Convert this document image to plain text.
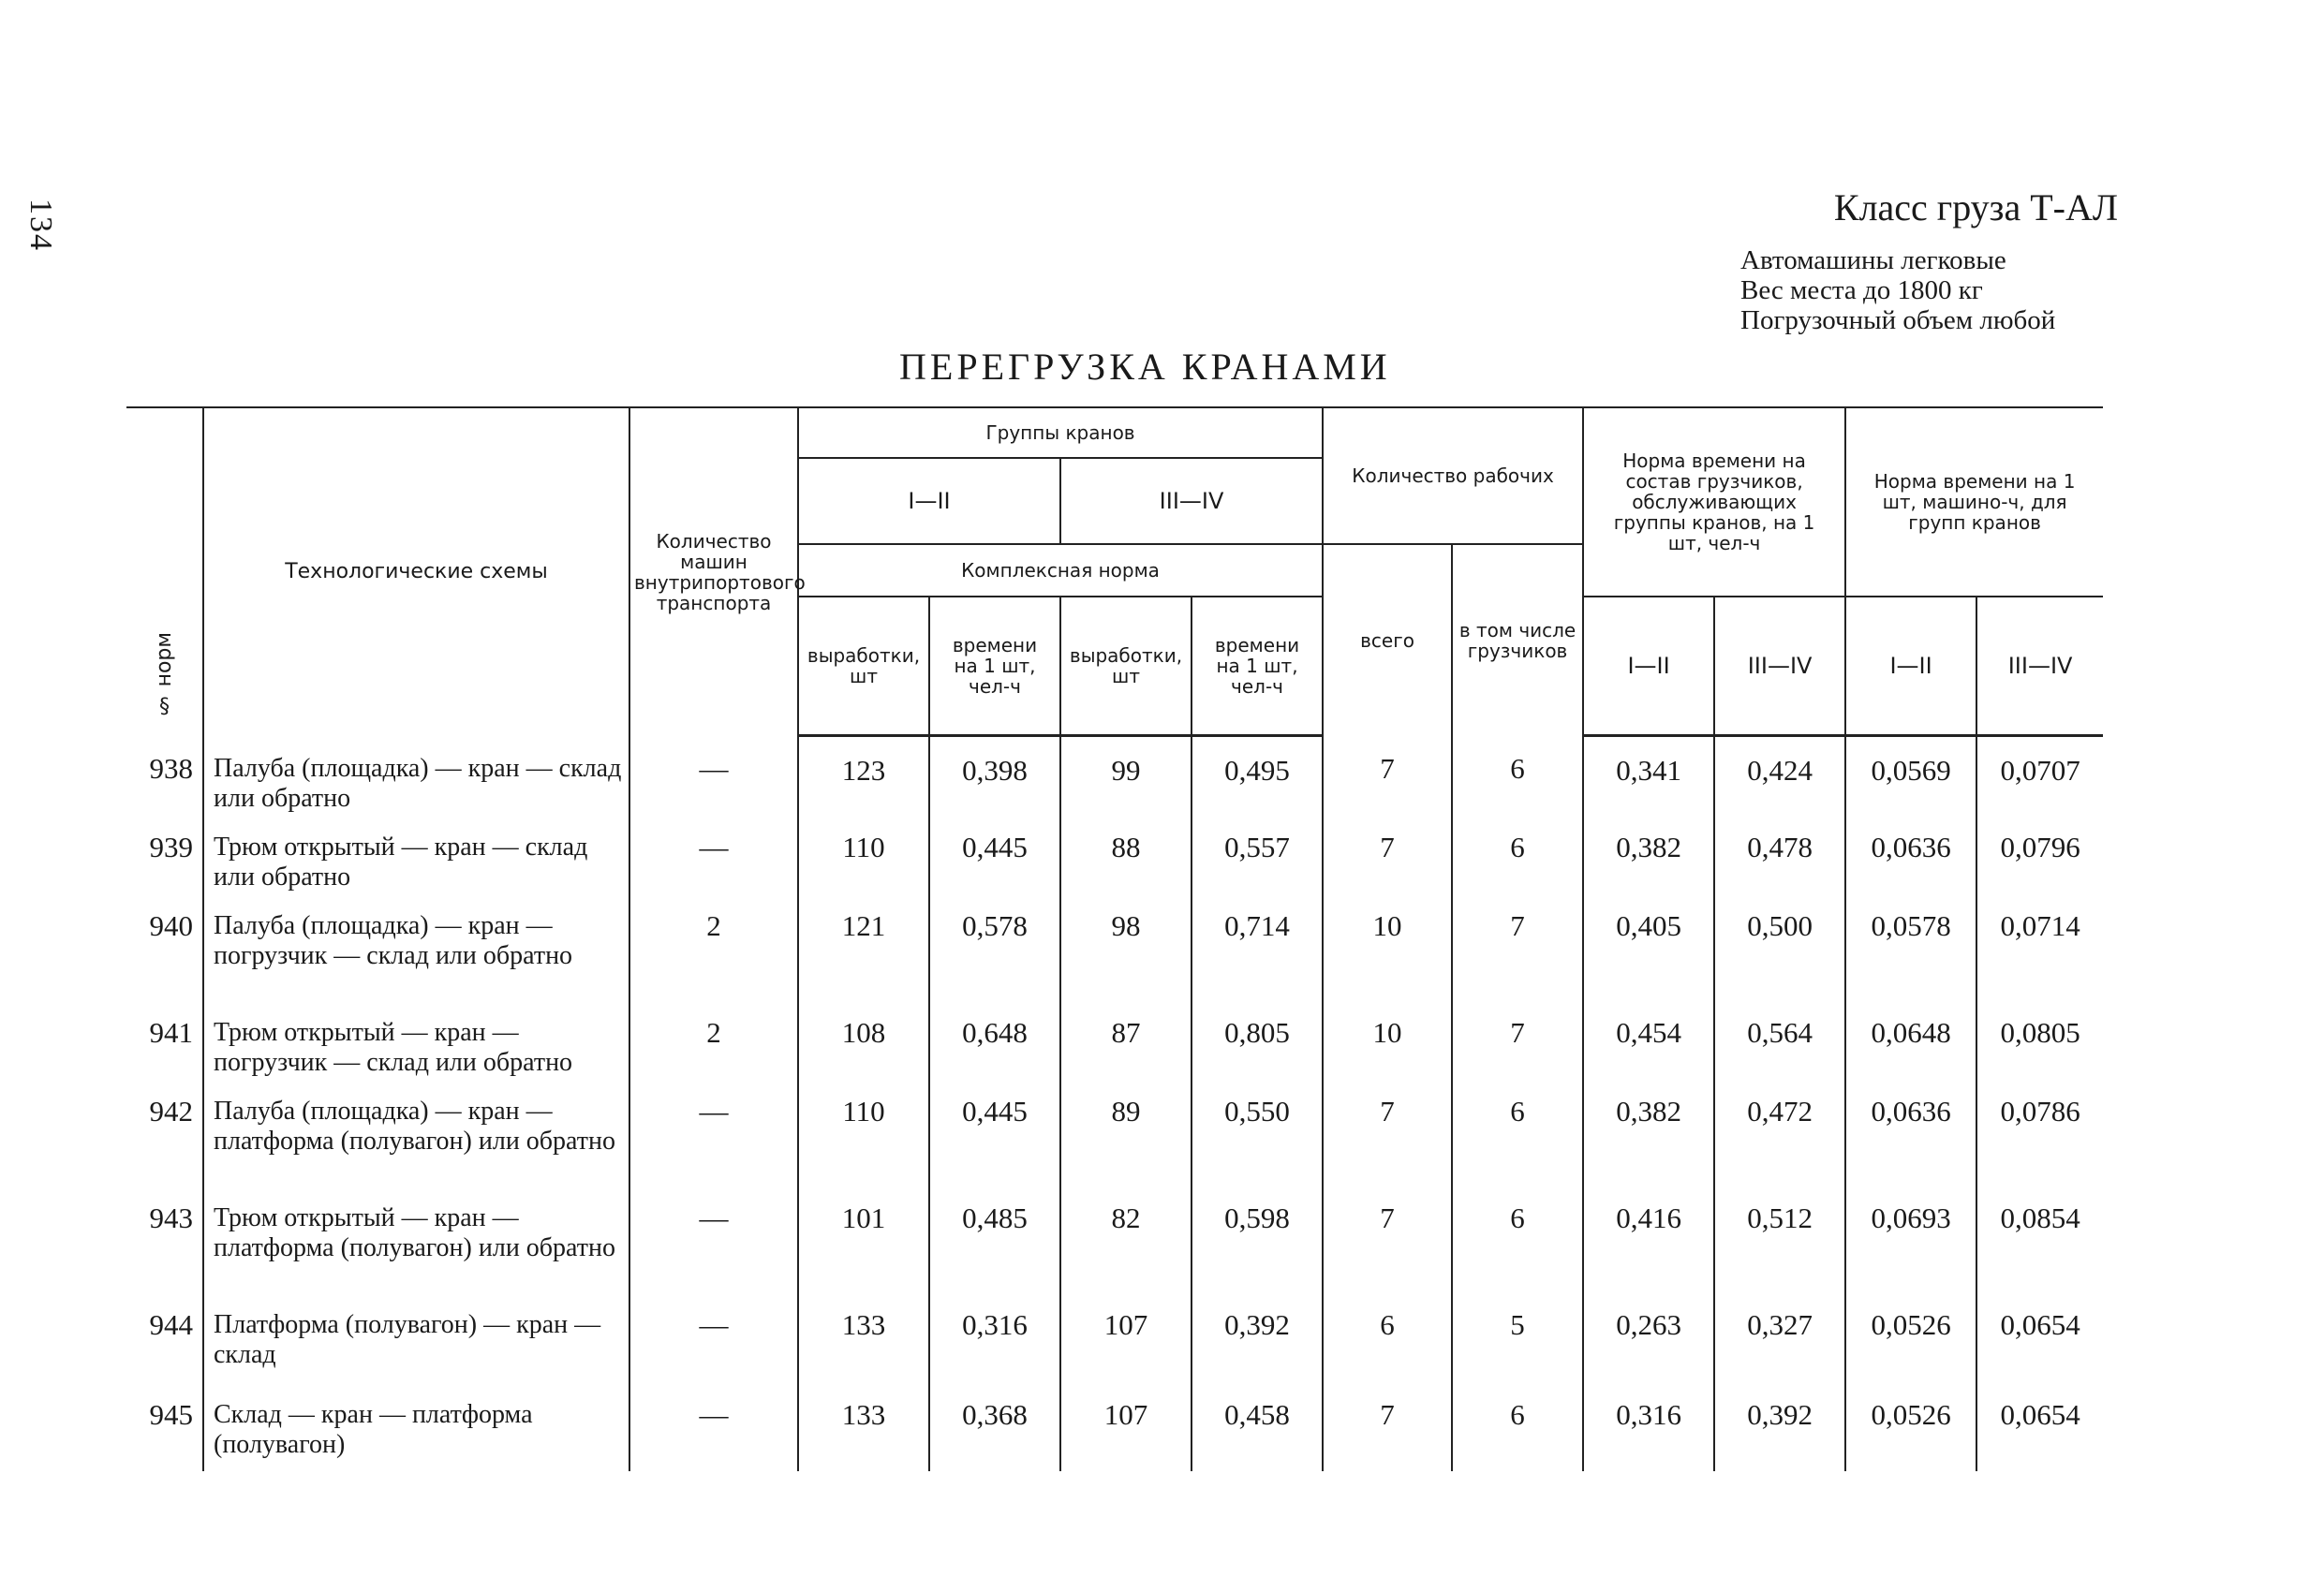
134	Класс груза Т-АЛ
Автомашины легковые
Вес места до 1800 кг
Погрузочный объем любой
ПЕРЕГРУЗКА КРАНАМИ
§ норм	Технологические схемы	Количество машин внутрипортового транспорта	Группы кранов				Количество рабочих		Норма времени на состав грузчиков, обслуживающих группы кранов, на 1 шт, чел-ч		Норма времени на 1 шт, машино-ч, для групп кранов	
			I—II		III—IV							
			Комплексная норма				всего	в том числе грузчиков				
			выработки, шт	времени на 1 шт, чел-ч	выработки, шт	времени на 1 шт, чел-ч			I—II	III—IV	I—II	III—IV
938	Палуба (площадка) — кран — склад или обратно	—	123	0,398	99	0,495	7	6	0,341	0,424	0,0569	0,0707
939	Трюм открытый — кран — склад или обратно	—	110	0,445	88	0,557	7	6	0,382	0,478	0,0636	0,0796
940	Палуба (площадка) — кран — погрузчик — склад или обратно	2	121	0,578	98	0,714	10	7	0,405	0,500	0,0578	0,0714
941	Трюм открытый — кран — погрузчик — склад или обратно	2	108	0,648	87	0,805	10	7	0,454	0,564	0,0648	0,0805
942	Палуба (площадка) — кран — платформа (полувагон) или обратно	—	110	0,445	89	0,550	7	6	0,382	0,472	0,0636	0,0786
943	Трюм открытый — кран — платформа (полувагон) или обратно	—	101	0,485	82	0,598	7	6	0,416	0,512	0,0693	0,0854
944	Платформа (полувагон) — кран — склад	—	133	0,316	107	0,392	6	5	0,263	0,327	0,0526	0,0654
945	Склад — кран — платформа (полувагон)	—	133	0,368	107	0,458	7	6	0,316	0,392	0,0526	0,0654
